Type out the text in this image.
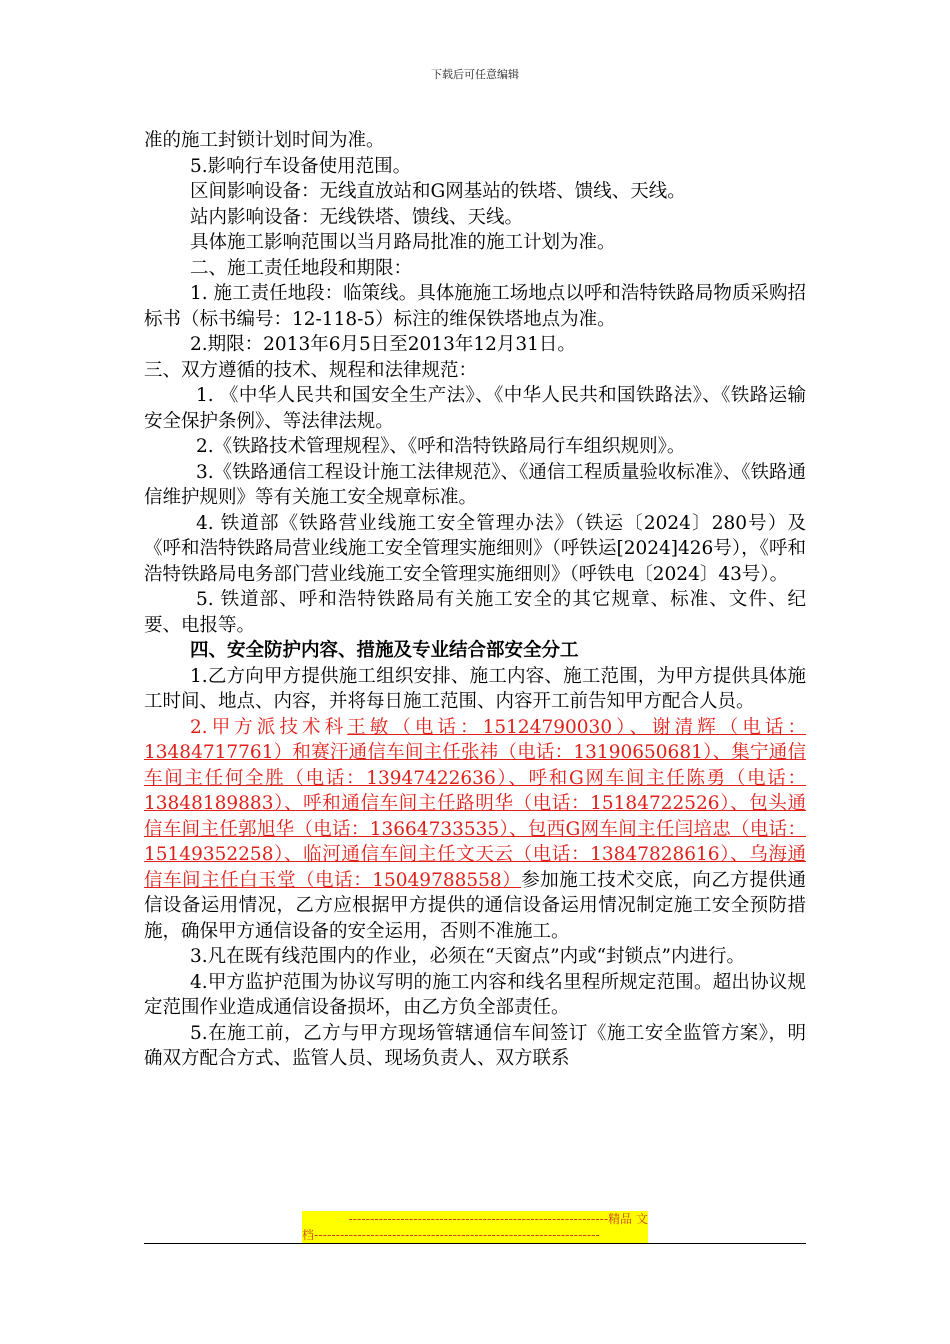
下载后可任意编辑

准的施工封锁计划时间为准。

5.影响行车设备使用范围。

区间影响设备：无线直放站和G网基站的铁塔、馈线、天线。

站内影响设备：无线铁塔、馈线、天线。

具体施工影响范围以当月路局批准的施工计划为准。

二、施工责任地段和期限：

1. 施工责任地段：临策线。具体施施工场地点以呼和浩特铁路局物质采购招标书（标书编号：12-118-5）标注的维保铁塔地点为准。

2.期限：2013年6月5日至2013年12月31日。

三、双方遵循的技术、规程和法律规范：

1. 《中华人民共和国安全生产法》、《中华人民共和国铁路法》、《铁路运输安全保护条例》、等法律法规。

2.《铁路技术管理规程》、《呼和浩特铁路局行车组织规则》。

3.《铁路通信工程设计施工法律规范》、《通信工程质量验收标准》、《铁路通信维护规则》等有关施工安全规章标准。

4. 铁道部《铁路营业线施工安全管理办法》（铁运〔2024〕280号）及《呼和浩特铁路局营业线施工安全管理实施细则》（呼铁运[2024]426号），《呼和浩特铁路局电务部门营业线施工安全管理实施细则》（呼铁电〔2024〕43号）。

5. 铁道部、呼和浩特铁路局有关施工安全的其它规章、标准、文件、纪要、电报等。

四、安全防护内容、措施及专业结合部安全分工

1.乙方向甲方提供施工组织安排、施工内容、施工范围，为甲方提供具体施工时间、地点、内容，并将每日施工范围、内容开工前告知甲方配合人员。

2.甲方派技术科王敏（电话：15124790030）、谢清辉（电话：13484717761）和赛汗通信车间主任张祎（电话：13190650681）、集宁通信车间主任何全胜（电话：13947422636）、呼和G网车间主任陈勇（电话：13848189883）、呼和通信车间主任路明华（电话：15184722526）、包头通信车间主任郭旭华（电话：13664733535）、包西G网车间主任闫培忠（电话：15149352258）、临河通信车间主任文天云（电话：13847828616）、乌海通信车间主任白玉堂（电话：15049788558）参加施工技术交底，向乙方提供通信设备运用情况，乙方应根据甲方提供的通信设备运用情况制定施工安全预防措施，确保甲方通信设备的安全运用，否则不准施工。

3.凡在既有线范围内的作业，必须在“天窗点”内或“封锁点”内进行。

4.甲方监护范围为协议写明的施工内容和线名里程所规定范围。超出协议规定范围作业造成通信设备损坏，由乙方负全部责任。

5.在施工前，乙方与甲方现场管辖通信车间签订《施工安全监管方案》，明确双方配合方式、监管人员、现场负责人、双方联系

------------------------------------------------------------精品 文
档------------------------------------------------------------------
